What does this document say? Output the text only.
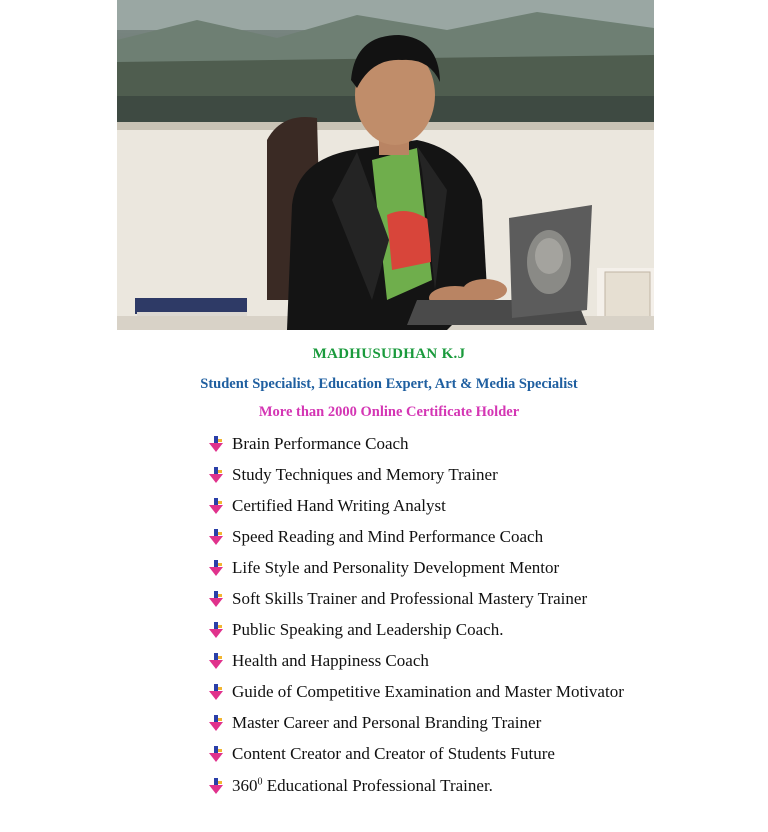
MADHUSUDHAN K.J
Student Specialist, Education Expert, Art & Media Specialist
More than 2000 Online Certificate Holder
Brain Performance Coach
Study Techniques and Memory Trainer
Certified Hand Writing Analyst
Speed Reading and Mind Performance Coach
Life Style and Personality Development Mentor
Soft Skills Trainer and Professional Mastery Trainer
Public Speaking and Leadership Coach.
Health and Happiness Coach
Guide of Competitive Examination and Master Motivator
Master Career and Personal Branding Trainer
Content Creator and Creator of Students Future
$360^0$ Educational Professional Trainer.
